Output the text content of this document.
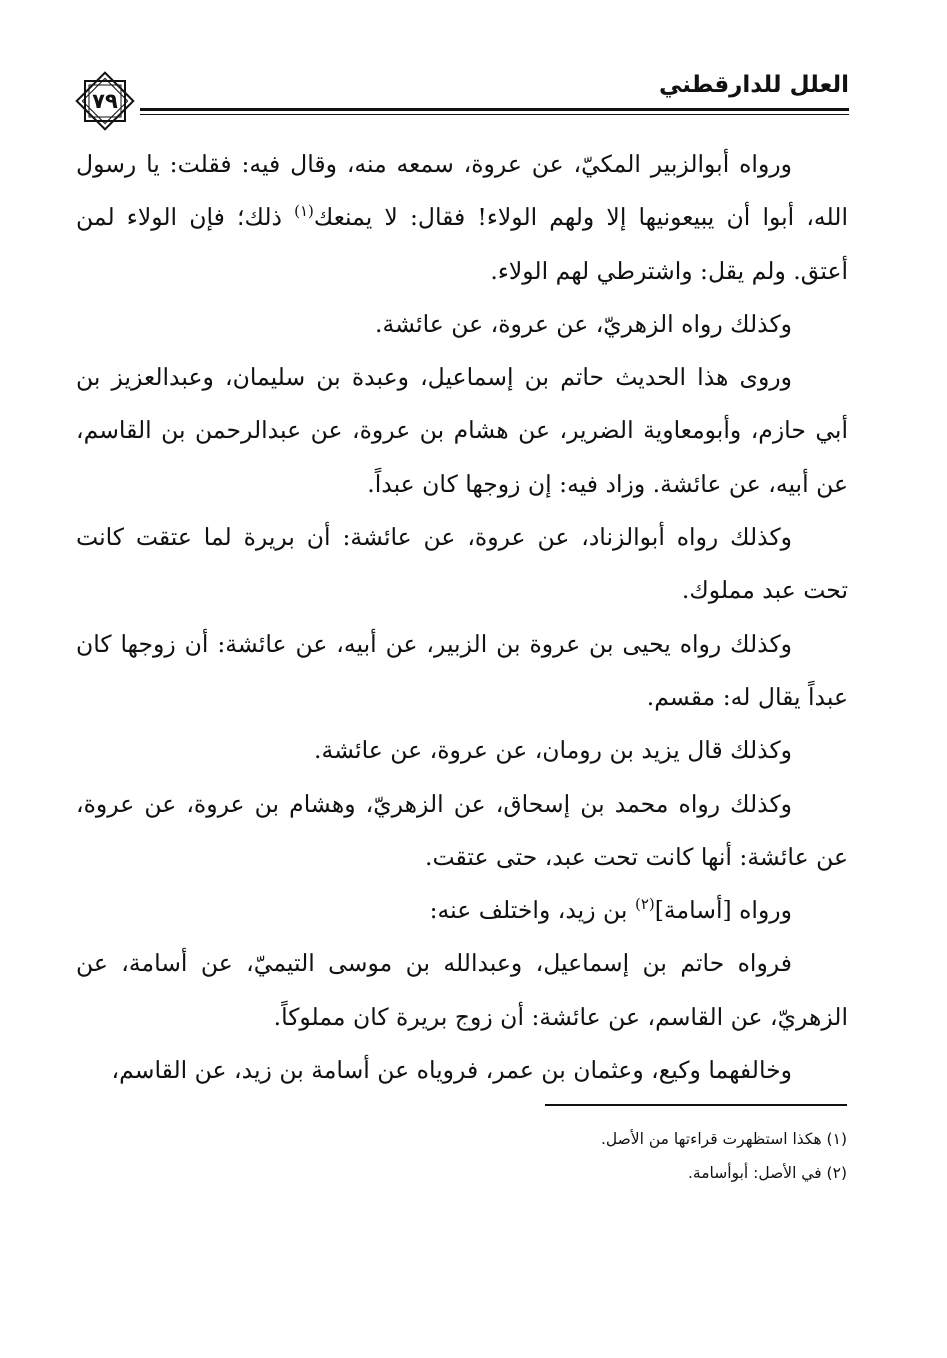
العلل للدارقطني
٧٩

ورواه أبوالزبير المكيّ، عن عروة، سمعه منه، وقال فيه: فقلت: يا رسول الله، أبوا أن يبيعونيها إلا ولهم الولاء! فقال: لا يمنعك$^{(١)}$ ذلك؛ فإن الولاء لمن أعتق. ولم يقل: واشترطي لهم الولاء.

وكذلك رواه الزهريّ، عن عروة، عن عائشة.

وروى هذا الحديث حاتم بن إسماعيل، وعبدة بن سليمان، وعبدالعزيز بن أبي حازم، وأبومعاوية الضرير، عن هشام بن عروة، عن عبدالرحمن بن القاسم، عن أبيه، عن عائشة. وزاد فيه: إن زوجها كان عبداً.

وكذلك رواه أبوالزناد، عن عروة، عن عائشة: أن بريرة لما عتقت كانت تحت عبد مملوك.

وكذلك رواه يحيى بن عروة بن الزبير، عن أبيه، عن عائشة: أن زوجها كان عبداً يقال له: مقسم.

وكذلك قال يزيد بن رومان، عن عروة، عن عائشة.

وكذلك رواه محمد بن إسحاق، عن الزهريّ، وهشام بن عروة، عن عروة، عن عائشة: أنها كانت تحت عبد، حتى عتقت.

ورواه [أسامة]$^{(٢)}$ بن زيد، واختلف عنه:

فرواه حاتم بن إسماعيل، وعبدالله بن موسى التيميّ، عن أسامة، عن الزهريّ، عن القاسم، عن عائشة: أن زوج بريرة كان مملوكاً.

وخالفهما وكيع، وعثمان بن عمر، فروياه عن أسامة بن زيد، عن القاسم،

(١) هكذا استظهرت قراءتها من الأصل.

(٢) في الأصل: أبوأسامة.
